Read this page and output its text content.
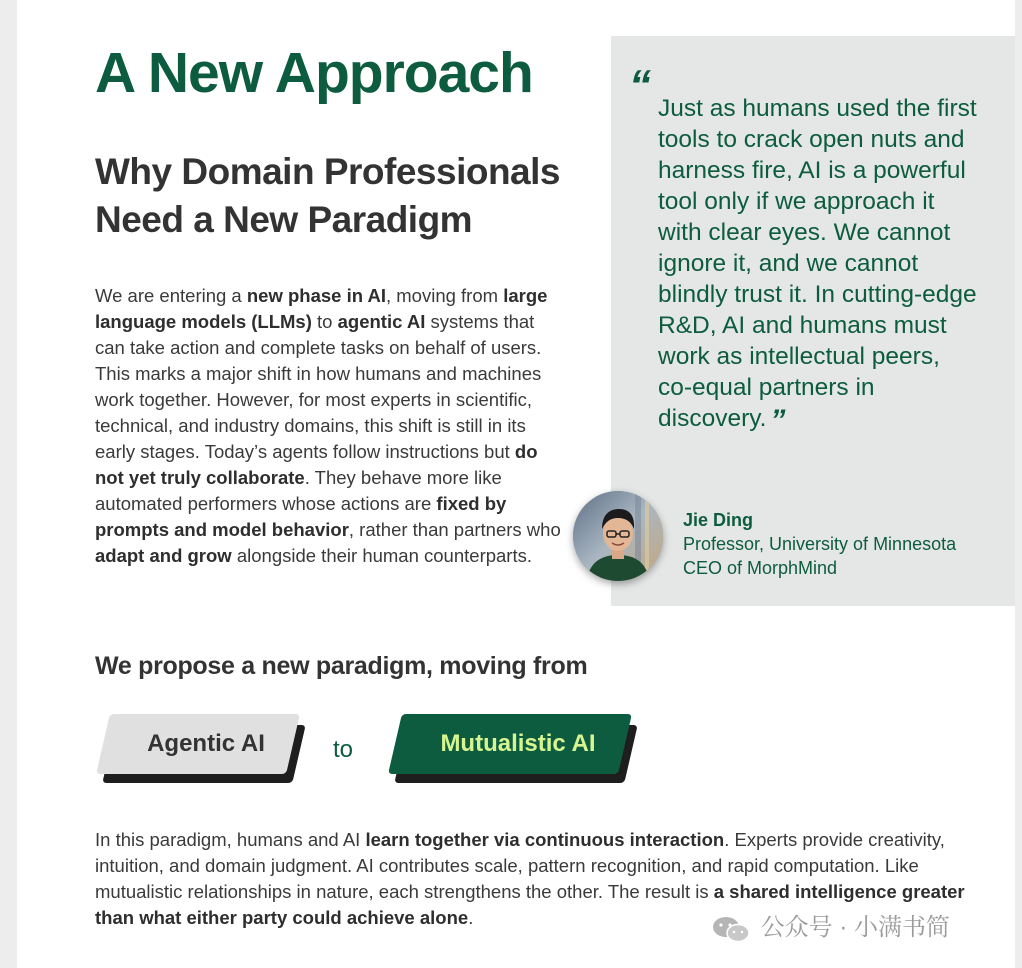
A New Approach
Why Domain Professionals
Need a New Paradigm

We are entering a new phase in AI, moving from large language models (LLMs) to agentic AI systems that can take action and complete tasks on behalf of users. This marks a major shift in how humans and machines work together. However, for most experts in scientific, technical, and industry domains, this shift is still in its early stages. Today’s agents follow instructions but do not yet truly collaborate. They behave more like automated performers whose actions are fixed by prompts and model behavior, rather than partners who adapt and grow alongside their human counterparts.

“ Just as humans used the first tools to crack open nuts and harness fire, AI is a powerful tool only if we approach it with clear eyes. We cannot ignore it, and we cannot blindly trust it. In cutting-edge R&D, AI and humans must work as intellectual peers, co-equal partners in discovery. ”

Jie Ding
Professor, University of Minnesota
CEO of MorphMind
We propose a new paradigm, moving from
Agentic AI	to	Mutualistic AI

In this paradigm, humans and AI learn together via continuous interaction. Experts provide creativity, intuition, and domain judgment. AI contributes scale, pattern recognition, and rapid computation. Like mutualistic relationships in nature, each strengthens the other. The result is a shared intelligence greater than what either party could achieve alone.	公众号 · 小满书简
